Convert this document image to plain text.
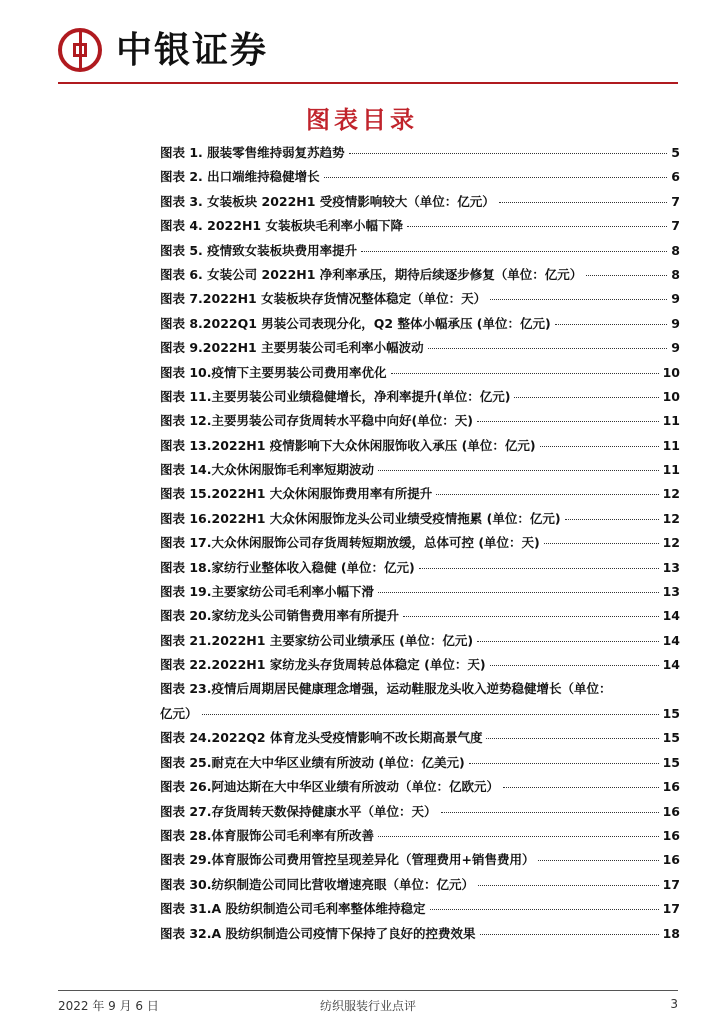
中银证券
图表目录
图表 1. 服装零售维持弱复苏趋势	5
图表 2. 出口端维持稳健增长	6
图表 3. 女装板块 2022H1 受疫情影响较大（单位：亿元）	7
图表 4. 2022H1 女装板块毛利率小幅下降	7
图表 5. 疫情致女装板块费用率提升	8
图表 6. 女装公司 2022H1 净利率承压，期待后续逐步修复（单位：亿元）	8
图表 7.2022H1 女装板块存货情况整体稳定（单位：天）	9
图表 8.2022Q1 男装公司表现分化，Q2 整体小幅承压 (单位：亿元)	9
图表 9.2022H1 主要男装公司毛利率小幅波动	9
图表 10.疫情下主要男装公司费用率优化	10
图表 11.主要男装公司业绩稳健增长，净利率提升(单位：亿元)	10
图表 12.主要男装公司存货周转水平稳中向好(单位：天)	11
图表 13.2022H1 疫情影响下大众休闲服饰收入承压 (单位：亿元)	11
图表 14.大众休闲服饰毛利率短期波动	11
图表 15.2022H1 大众休闲服饰费用率有所提升	12
图表 16.2022H1 大众休闲服饰龙头公司业绩受疫情拖累 (单位：亿元)	12
图表 17.大众休闲服饰公司存货周转短期放缓，总体可控 (单位：天)	12
图表 18.家纺行业整体收入稳健 (单位：亿元)	13
图表 19.主要家纺公司毛利率小幅下滑	13
图表 20.家纺龙头公司销售费用率有所提升	14
图表 21.2022H1 主要家纺公司业绩承压 (单位：亿元)	14
图表 22.2022H1 家纺龙头存货周转总体稳定 (单位：天)	14
图表 23.疫情后周期居民健康理念增强，运动鞋服龙头收入逆势稳健增长（单位：
亿元）	15
图表 24.2022Q2 体育龙头受疫情影响不改长期高景气度	15
图表 25.耐克在大中华区业绩有所波动 (单位：亿美元)	15
图表 26.阿迪达斯在大中华区业绩有所波动（单位：亿欧元）	16
图表 27.存货周转天数保持健康水平（单位：天）	16
图表 28.体育服饰公司毛利率有所改善	16
图表 29.体育服饰公司费用管控呈现差异化（管理费用+销售费用）	16
图表 30.纺织制造公司同比营收增速亮眼（单位：亿元）	17
图表 31.A 股纺织制造公司毛利率整体维持稳定	17
图表 32.A 股纺织制造公司疫情下保持了良好的控费效果	18
2022 年 9 月 6 日	纺织服装行业点评	3
